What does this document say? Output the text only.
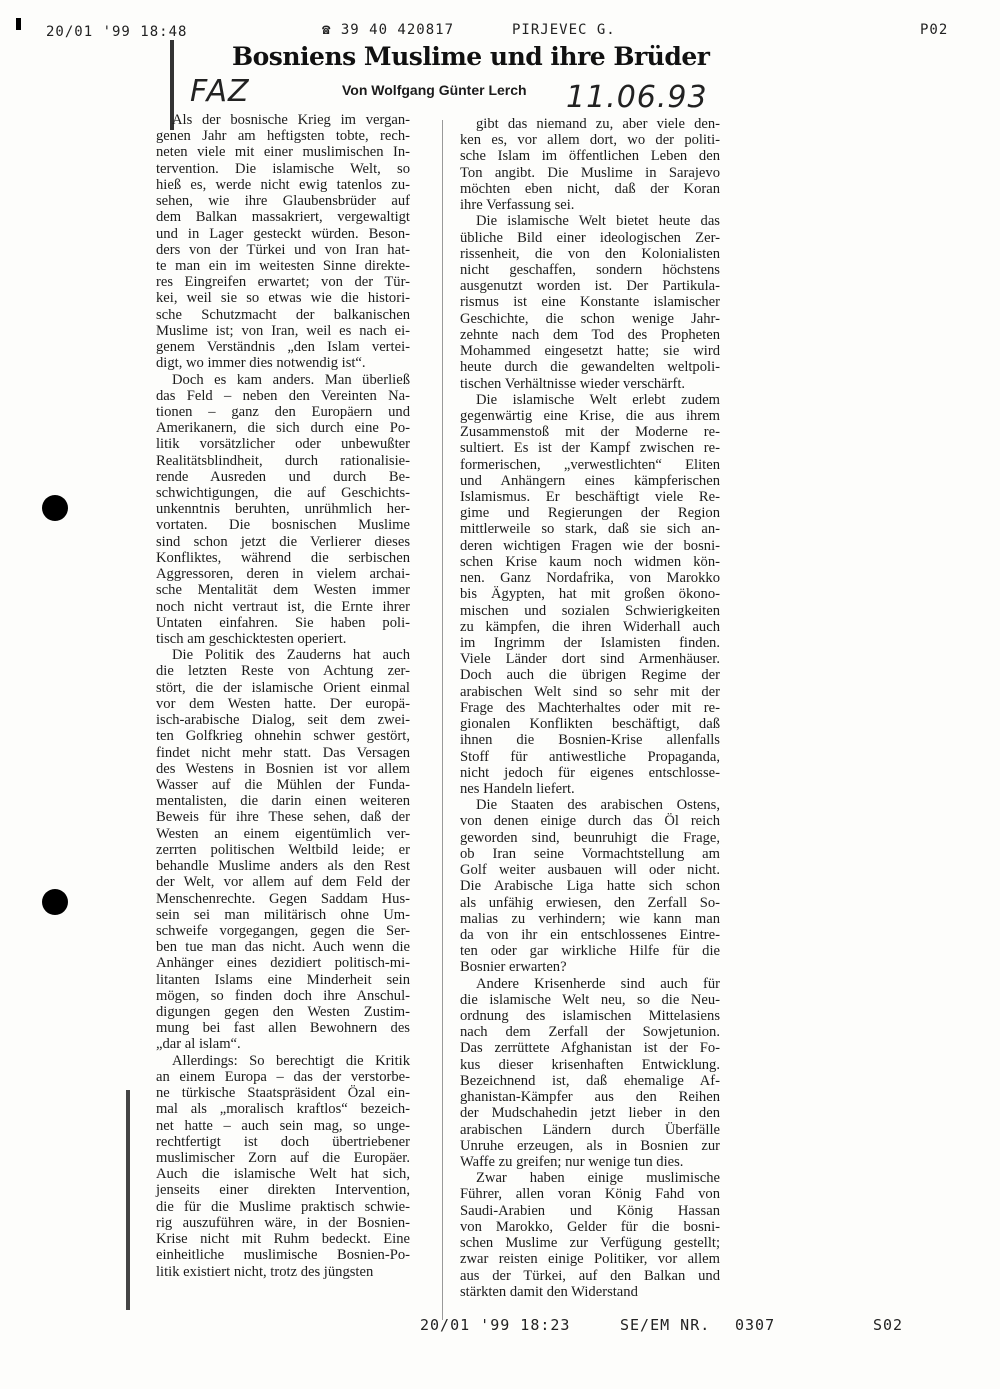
20/01 '99 18:48	☎ 39 40 420817	PIRJEVEC G.	P02
Bosniens Muslime und ihre Brüder
Von Wolfgang Günter Lerch
FAZ	11.06.93

Als der bosnische Krieg im vergan-
genen Jahr am heftigsten tobte, rech-
neten viele mit einer muslimischen In-
tervention. Die islamische Welt, so
hieß es, werde nicht ewig tatenlos zu-
sehen, wie ihre Glaubensbrüder auf
dem Balkan massakriert, vergewaltigt
und in Lager gesteckt würden. Beson-
ders von der Türkei und von Iran hat-
te man ein im weitesten Sinne direkte-
res Eingreifen erwartet; von der Tür-
kei, weil sie so etwas wie die histori-
sche Schutzmacht der balkanischen
Muslime ist; von Iran, weil es nach ei-
genem Verständnis „den Islam vertei-
digt, wo immer dies notwendig ist“.

Doch es kam anders. Man überließ
das Feld – neben den Vereinten Na-
tionen – ganz den Europäern und
Amerikanern, die sich durch eine Po-
litik vorsätzlicher oder unbewußter
Realitätsblindheit, durch rationalisie-
rende Ausreden und durch Be-
schwichtigungen, die auf Geschichts-
unkenntnis beruhten, unrühmlich her-
vortaten. Die bosnischen Muslime
sind schon jetzt die Verlierer dieses
Konfliktes, während die serbischen
Aggressoren, deren in vielem archai-
sche Mentalität dem Westen immer
noch nicht vertraut ist, die Ernte ihrer
Untaten einfahren. Sie haben poli-
tisch am geschicktesten operiert.

Die Politik des Zauderns hat auch
die letzten Reste von Achtung zer-
stört, die der islamische Orient einmal
vor dem Westen hatte. Der europä-
isch-arabische Dialog, seit dem zwei-
ten Golfkrieg ohnehin schwer gestört,
findet nicht mehr statt. Das Versagen
des Westens in Bosnien ist vor allem
Wasser auf die Mühlen der Funda-
mentalisten, die darin einen weiteren
Beweis für ihre These sehen, daß der
Westen an einem eigentümlich ver-
zerrten politischen Weltbild leide; er
behandle Muslime anders als den Rest
der Welt, vor allem auf dem Feld der
Menschenrechte. Gegen Saddam Hus-
sein sei man militärisch ohne Um-
schweife vorgegangen, gegen die Ser-
ben tue man das nicht. Auch wenn die
Anhänger eines dezidiert politisch-mi-
litanten Islams eine Minderheit sein
mögen, so finden doch ihre Anschul-
digungen gegen den Westen Zustim-
mung bei fast allen Bewohnern des
„dar al islam“.

Allerdings: So berechtigt die Kritik
an einem Europa – das der verstorbe-
ne türkische Staatspräsident Özal ein-
mal als „moralisch kraftlos“ bezeich-
net hatte – auch sein mag, so unge-
rechtfertigt ist doch übertriebener
muslimischer Zorn auf die Europäer.
Auch die islamische Welt hat sich,
jenseits einer direkten Intervention,
die für die Muslime praktisch schwie-
rig auszuführen wäre, in der Bosnien-
Krise nicht mit Ruhm bedeckt. Eine
einheitliche muslimische Bosnien-Po-
litik existiert nicht, trotz des jüngsten

gibt das niemand zu, aber viele den-
ken es, vor allem dort, wo der politi-
sche Islam im öffentlichen Leben den
Ton angibt. Die Muslime in Sarajevo
möchten eben nicht, daß der Koran
ihre Verfassung sei.

Die islamische Welt bietet heute das
übliche Bild einer ideologischen Zer-
rissenheit, die von den Kolonialisten
nicht geschaffen, sondern höchstens
ausgenutzt worden ist. Der Partikula-
rismus ist eine Konstante islamischer
Geschichte, die schon wenige Jahr-
zehnte nach dem Tod des Propheten
Mohammed eingesetzt hatte; sie wird
heute durch die gewandelten weltpoli-
tischen Verhältnisse wieder verschärft.

Die islamische Welt erlebt zudem
gegenwärtig eine Krise, die aus ihrem
Zusammenstoß mit der Moderne re-
sultiert. Es ist der Kampf zwischen re-
formerischen, „verwestlichten“ Eliten
und Anhängern eines kämpferischen
Islamismus. Er beschäftigt viele Re-
gime und Regierungen der Region
mittlerweile so stark, daß sie sich an-
deren wichtigen Fragen wie der bosni-
schen Krise kaum noch widmen kön-
nen. Ganz Nordafrika, von Marokko
bis Ägypten, hat mit großen ökono-
mischen und sozialen Schwierigkeiten
zu kämpfen, die ihren Widerhall auch
im Ingrimm der Islamisten finden.
Viele Länder dort sind Armenhäuser.
Doch auch die übrigen Regime der
arabischen Welt sind so sehr mit der
Frage des Machterhaltes oder mit re-
gionalen Konflikten beschäftigt, daß
ihnen die Bosnien-Krise allenfalls
Stoff für antiwestliche Propaganda,
nicht jedoch für eigenes entschlosse-
nes Handeln liefert.

Die Staaten des arabischen Ostens,
von denen einige durch das Öl reich
geworden sind, beunruhigt die Frage,
ob Iran seine Vormachtstellung am
Golf weiter ausbauen will oder nicht.
Die Arabische Liga hatte sich schon
als unfähig erwiesen, den Zerfall So-
malias zu verhindern; wie kann man
da von ihr ein entschlossenes Eintre-
ten oder gar wirkliche Hilfe für die
Bosnier erwarten?

Andere Krisenherde sind auch für
die islamische Welt neu, so die Neu-
ordnung des islamischen Mittelasiens
nach dem Zerfall der Sowjetunion.
Das zerrüttete Afghanistan ist der Fo-
kus dieser krisenhaften Entwicklung.
Bezeichnend ist, daß ehemalige Af-
ghanistan-Kämpfer aus den Reihen
der Mudschahedin jetzt lieber in den
arabischen Ländern durch Überfälle
Unruhe erzeugen, als in Bosnien zur
Waffe zu greifen; nur wenige tun dies.

Zwar haben einige muslimische
Führer, allen voran König Fahd von
Saudi-Arabien und König Hassan
von Marokko, Gelder für die bosni-
schen Muslime zur Verfügung gestellt;
zwar reisten einige Politiker, vor allem
aus der Türkei, auf den Balkan und
stärkten damit den Widerstand

20/01 '99 18:23	SE/EM NR. 0307	S02
